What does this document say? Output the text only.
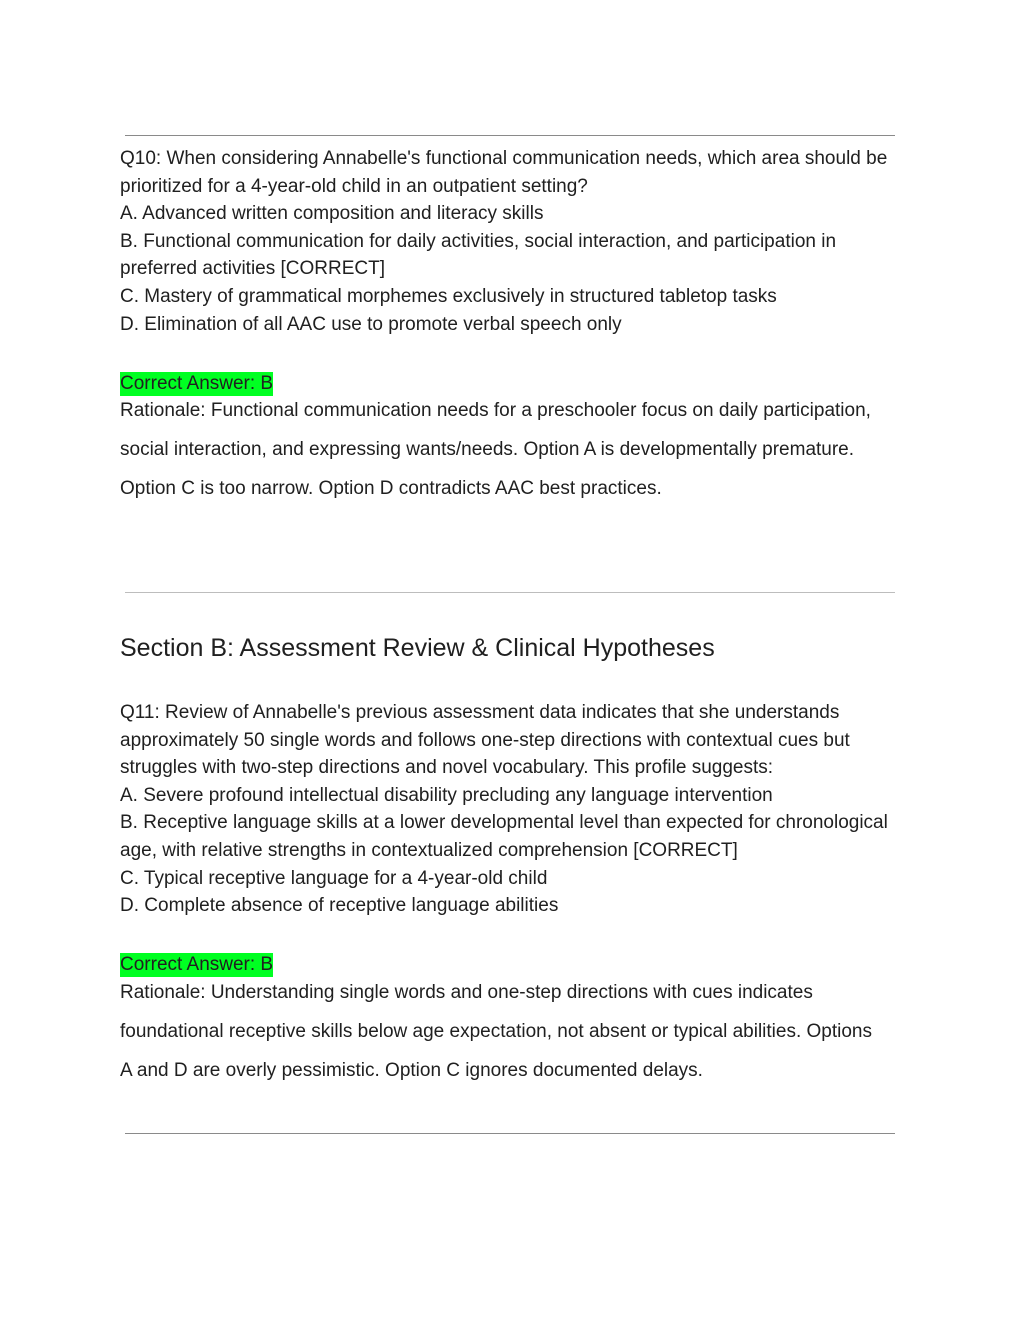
Q10: When considering Annabelle's functional communication needs, which area should be prioritized for a 4-year-old child in an outpatient setting?

A. Advanced written composition and literacy skills

B. Functional communication for daily activities, social interaction, and participation in preferred activities [CORRECT]

C. Mastery of grammatical morphemes exclusively in structured tabletop tasks

D. Elimination of all AAC use to promote verbal speech only

Correct Answer: B

Rationale: Functional communication needs for a preschooler focus on daily participation, social interaction, and expressing wants/needs. Option A is developmentally premature. Option C is too narrow. Option D contradicts AAC best practices.

Section B: Assessment Review & Clinical Hypotheses

Q11: Review of Annabelle's previous assessment data indicates that she understands approximately 50 single words and follows one-step directions with contextual cues but struggles with two-step directions and novel vocabulary. This profile suggests:

A. Severe profound intellectual disability precluding any language intervention

B. Receptive language skills at a lower developmental level than expected for chronological age, with relative strengths in contextualized comprehension [CORRECT]

C. Typical receptive language for a 4-year-old child

D. Complete absence of receptive language abilities

Correct Answer: B

Rationale: Understanding single words and one-step directions with cues indicates foundational receptive skills below age expectation, not absent or typical abilities. Options A and D are overly pessimistic. Option C ignores documented delays.
